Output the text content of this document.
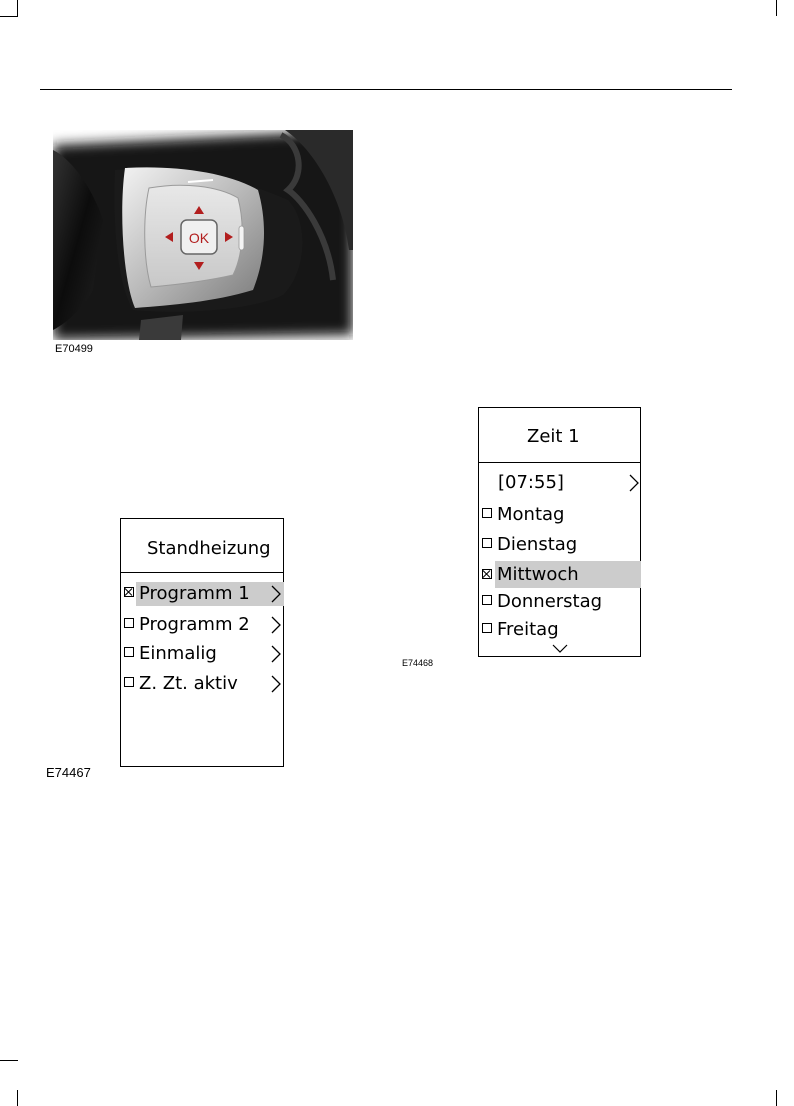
OK
E70499
Standheizung
Programm 1
Programm 2
Einmalig
Z. Zt. aktiv
E74467
Zeit 1
[07:55]
Montag
Dienstag
Mittwoch
Donnerstag
Freitag
E74468
